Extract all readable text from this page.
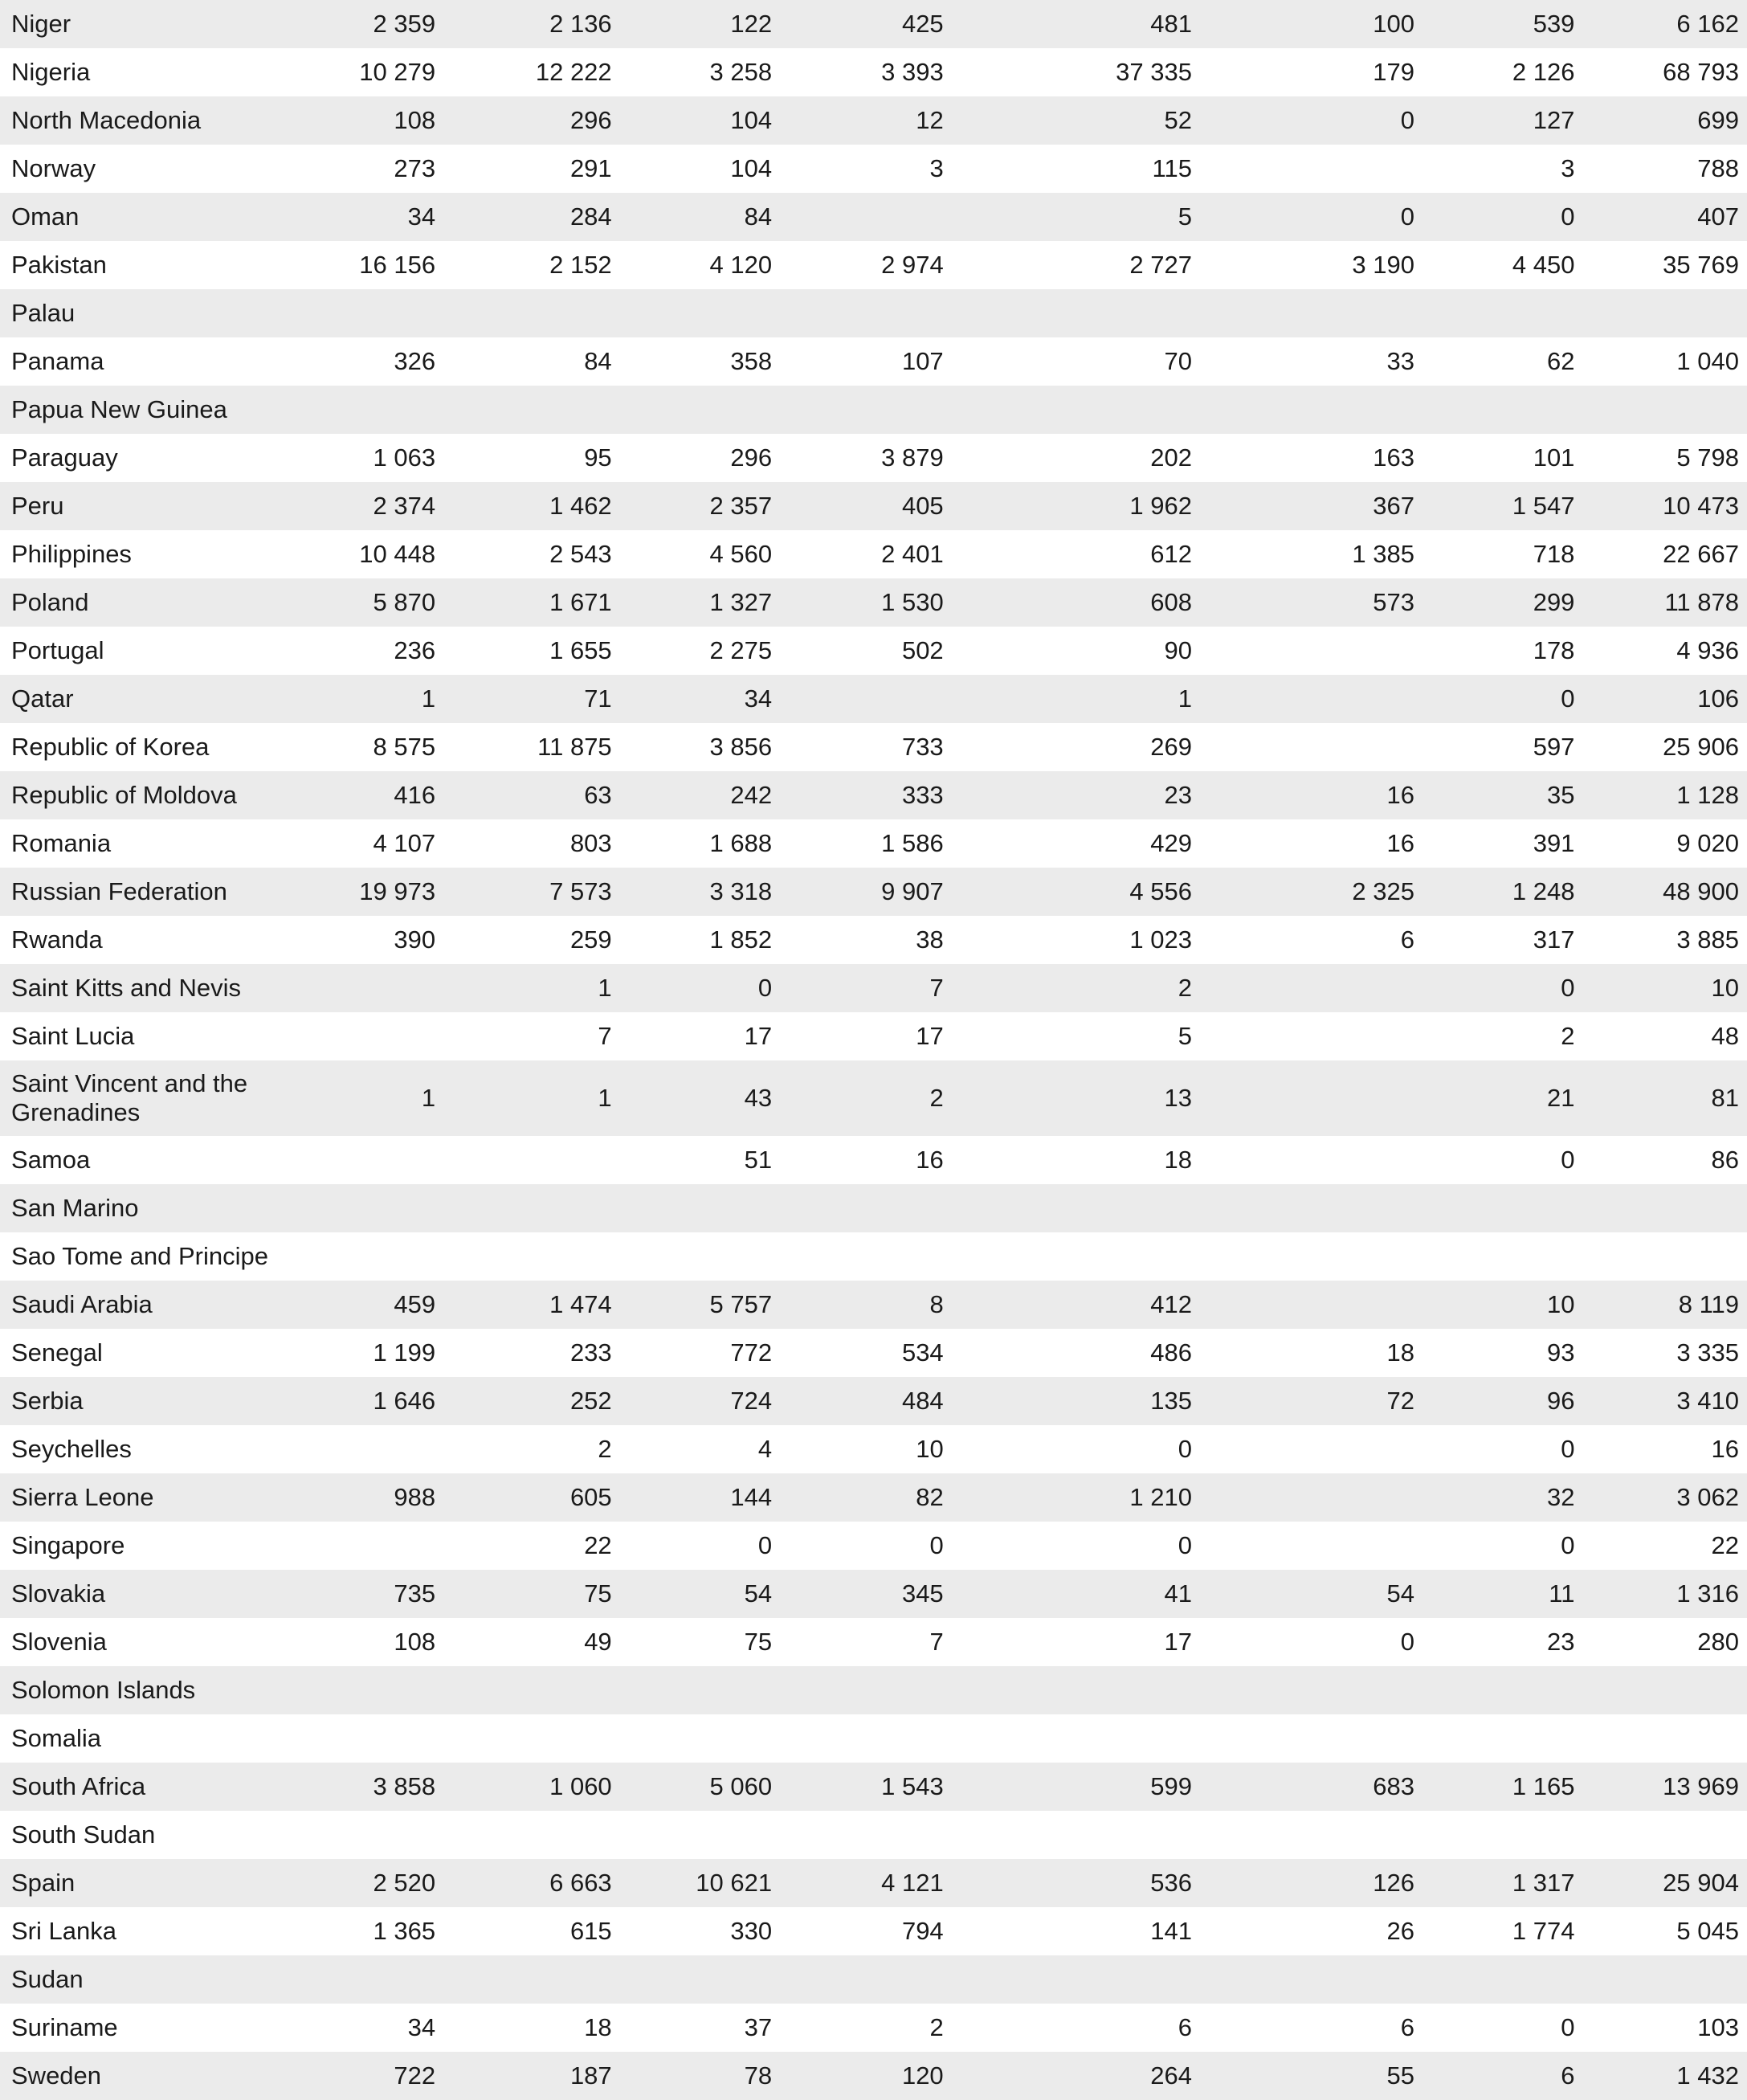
Niger	2 359	2 136	122	425	481	100	539	6 162
Nigeria	10 279	12 222	3 258	3 393	37 335	179	2 126	68 793
North Macedonia	108	296	104	12	52	0	127	699
Norway	273	291	104	3	115		3	788
Oman	34	284	84		5	0	0	407
Pakistan	16 156	2 152	4 120	2 974	2 727	3 190	4 450	35 769
Palau								
Panama	326	84	358	107	70	33	62	1 040
Papua New Guinea								
Paraguay	1 063	95	296	3 879	202	163	101	5 798
Peru	2 374	1 462	2 357	405	1 962	367	1 547	10 473
Philippines	10 448	2 543	4 560	2 401	612	1 385	718	22 667
Poland	5 870	1 671	1 327	1 530	608	573	299	11 878
Portugal	236	1 655	2 275	502	90		178	4 936
Qatar	1	71	34		1		0	106
Republic of Korea	8 575	11 875	3 856	733	269		597	25 906
Republic of Moldova	416	63	242	333	23	16	35	1 128
Romania	4 107	803	1 688	1 586	429	16	391	9 020
Russian Federation	19 973	7 573	3 318	9 907	4 556	2 325	1 248	48 900
Rwanda	390	259	1 852	38	1 023	6	317	3 885
Saint Kitts and Nevis		1	0	7	2		0	10
Saint Lucia		7	17	17	5		2	48
Saint Vincent and the Grenadines	1	1	43	2	13		21	81
Samoa			51	16	18		0	86
San Marino								
Sao Tome and Principe								
Saudi Arabia	459	1 474	5 757	8	412		10	8 119
Senegal	1 199	233	772	534	486	18	93	3 335
Serbia	1 646	252	724	484	135	72	96	3 410
Seychelles		2	4	10	0		0	16
Sierra Leone	988	605	144	82	1 210		32	3 062
Singapore		22	0	0	0		0	22
Slovakia	735	75	54	345	41	54	11	1 316
Slovenia	108	49	75	7	17	0	23	280
Solomon Islands								
Somalia								
South Africa	3 858	1 060	5 060	1 543	599	683	1 165	13 969
South Sudan								
Spain	2 520	6 663	10 621	4 121	536	126	1 317	25 904
Sri Lanka	1 365	615	330	794	141	26	1 774	5 045
Sudan								
Suriname	34	18	37	2	6	6	0	103
Sweden	722	187	78	120	264	55	6	1 432
